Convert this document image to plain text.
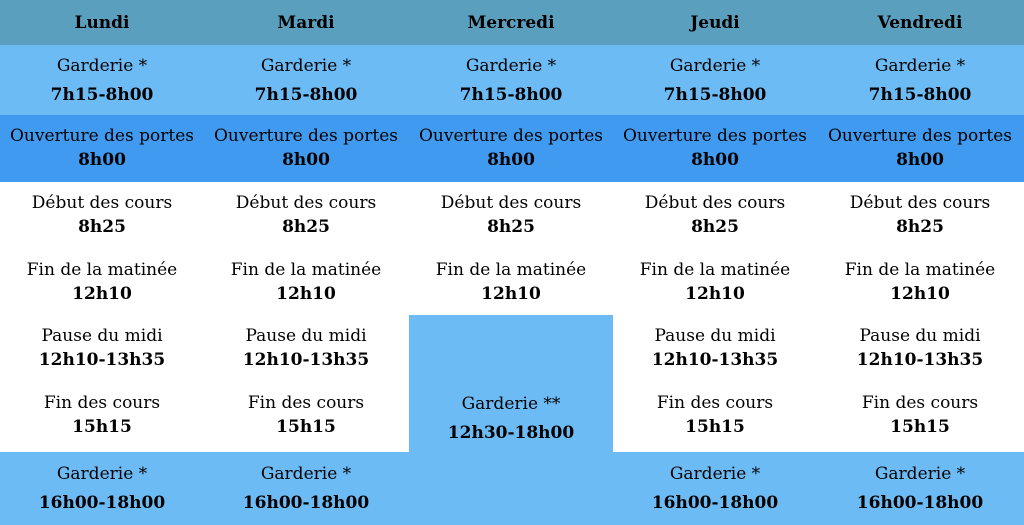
Lundi
Garderie *
7h15-8h00
Ouverture des portes
8h00
Début des cours
8h25
Fin de la matinée
12h10
Pause du midi
12h10-13h35
Fin des cours
15h15
Garderie *
16h00-18h00
Mardi
Garderie *
7h15-8h00
Ouverture des portes
8h00
Début des cours
8h25
Fin de la matinée
12h10
Pause du midi
12h10-13h35
Fin des cours
15h15
Garderie *
16h00-18h00
Mercredi
Garderie *
7h15-8h00
Ouverture des portes
8h00
Début des cours
8h25
Fin de la matinée
12h10
Garderie **
12h30-18h00
Jeudi
Garderie *
7h15-8h00
Ouverture des portes
8h00
Début des cours
8h25
Fin de la matinée
12h10
Pause du midi
12h10-13h35
Fin des cours
15h15
Garderie *
16h00-18h00
Vendredi
Garderie *
7h15-8h00
Ouverture des portes
8h00
Début des cours
8h25
Fin de la matinée
12h10
Pause du midi
12h10-13h35
Fin des cours
15h15
Garderie *
16h00-18h00
